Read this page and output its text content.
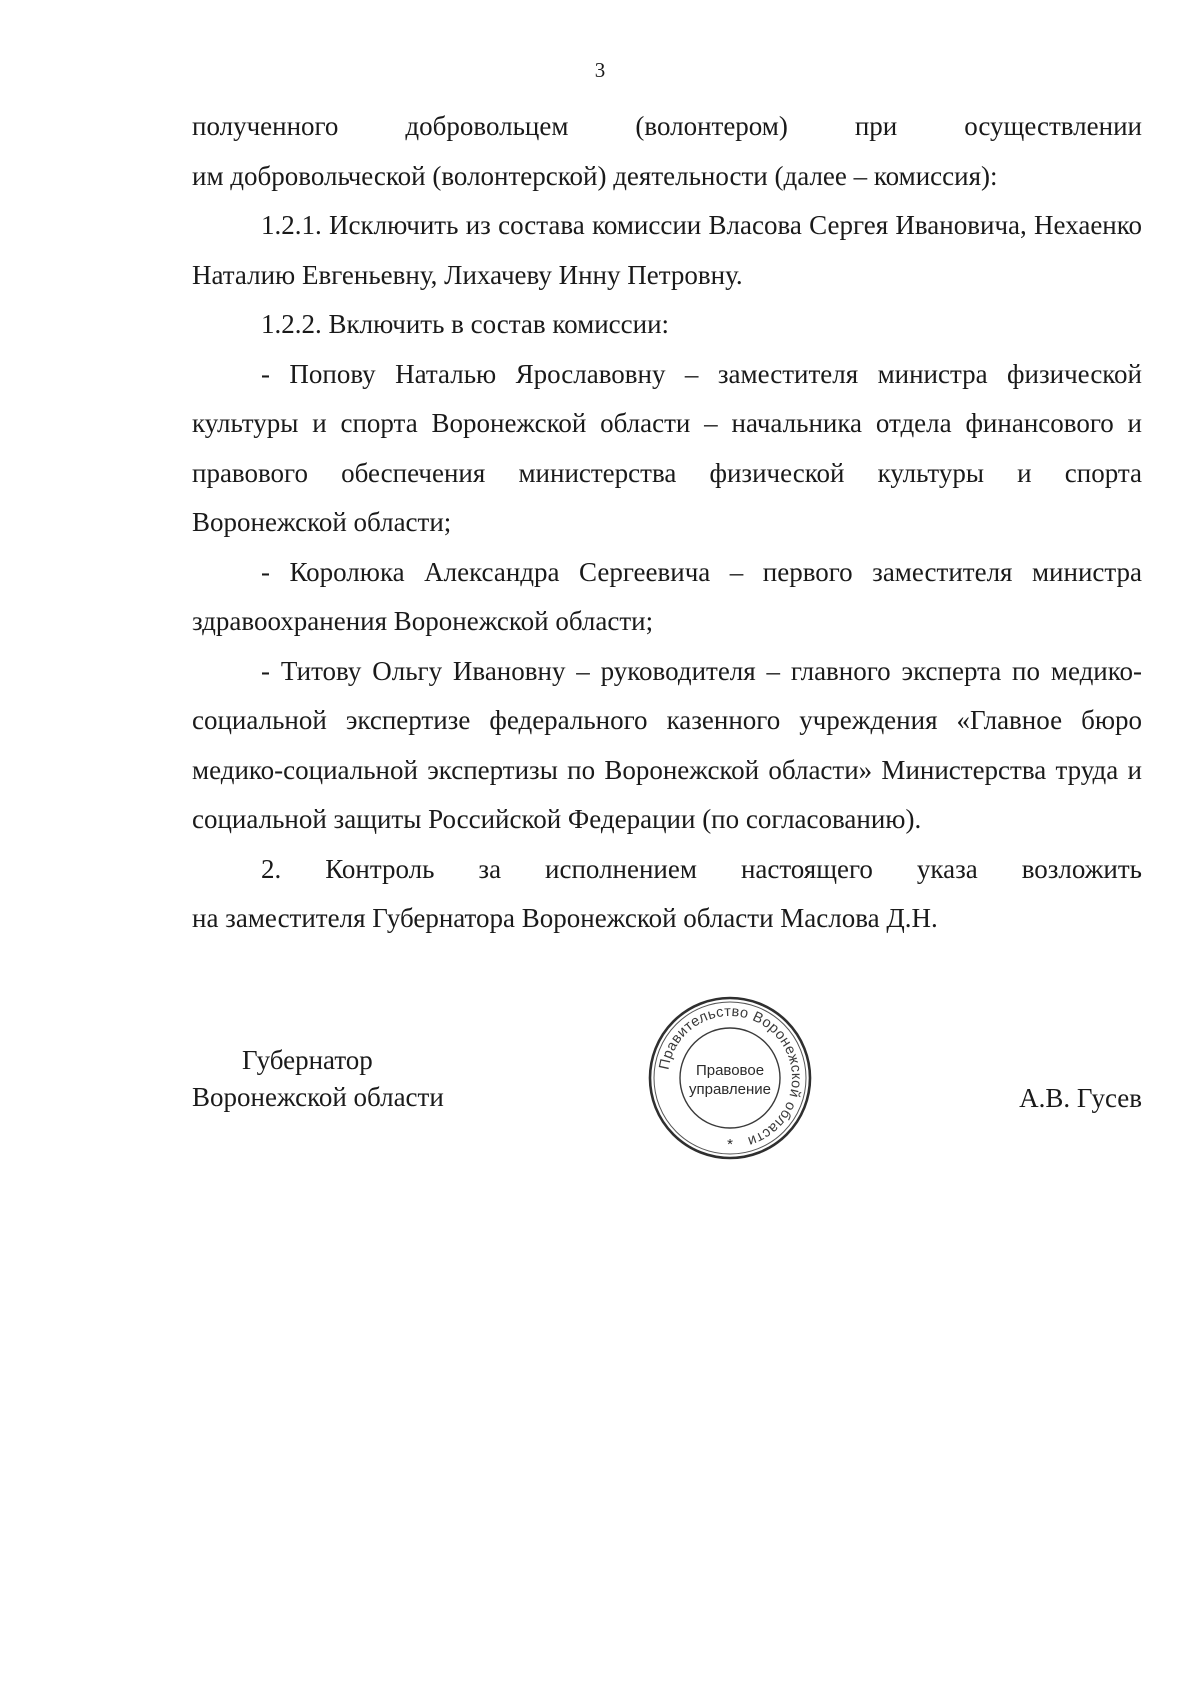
3
полученного добровольцем (волонтером) при осуществлении

им добровольческой (волонтерской) деятельности (далее – комиссия):

1.2.1. Исключить из состава комиссии Власова Сергея Ивановича, Нехаенко Наталию Евгеньевну, Лихачеву Инну Петровну.

1.2.2. Включить в состав комиссии:

- Попову Наталью Ярославовну – заместителя министра физической культуры и спорта Воронежской области – начальника отдела финансового и правового обеспечения министерства физической культуры и спорта Воронежской области;

- Королюка Александра Сергеевича – первого заместителя министра здравоохранения Воронежской области;

- Титову Ольгу Ивановну – руководителя – главного эксперта по медико-социальной экспертизе федерального казенного учреждения «Главное бюро медико-социальной экспертизы по Воронежской области» Министерства труда и социальной защиты Российской Федерации (по согласованию).

2. Контроль за исполнением настоящего указа возложить

на заместителя Губернатора Воронежской области Маслова Д.Н.

Губернатор
Воронежской области
Правительство Воронежской области
Правовое
управление
*
А.В. Гусев
